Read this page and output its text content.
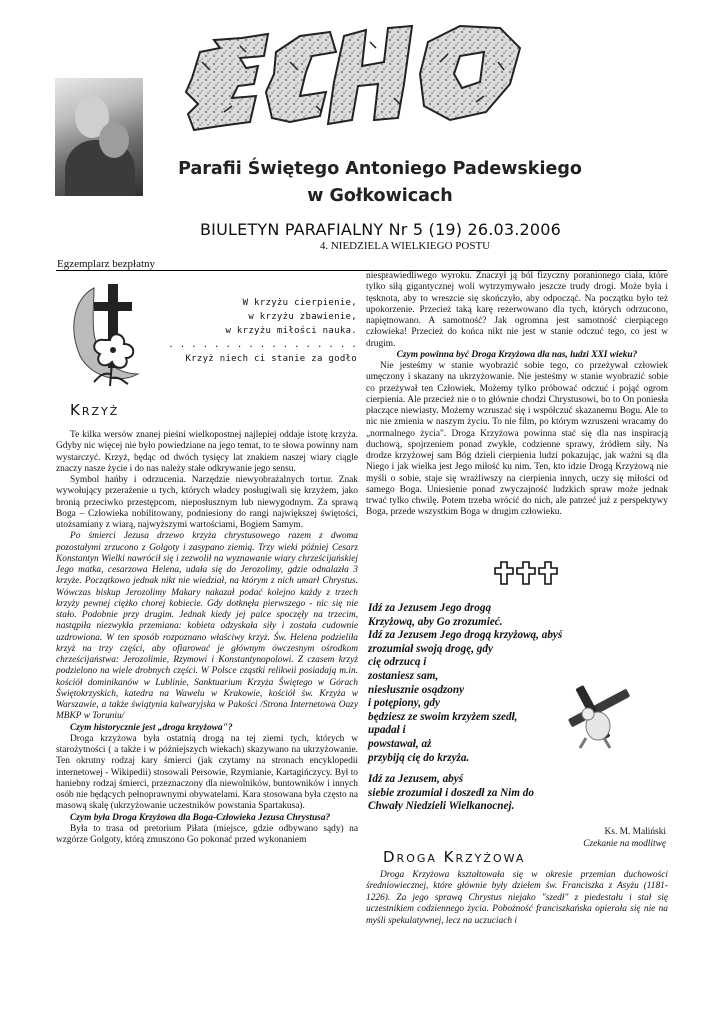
Parafii Świętego Antoniego Padewskiego
w Gołkowicach
BIULETYN PARAFIALNY Nr 5 (19) 26.03.2006
4. NIEDZIELA WIELKIEGO POSTU
Egzemplarz bezpłatny
W krzyżu cierpienie,
w krzyżu zbawienie,
w krzyżu miłości nauka.
. . . . . . . . . . . . . . . . .
Krzyż niech ci stanie za godło
Krzyż

Te kilka wersów znanej pieśni wielkopostnej najlepiej oddaje istotę krzyża. Gdyby nic więcej nie było powiedziane na jego temat, to te słowa powinny nam wystarczyć. Krzyż, będąc od dwóch tysięcy lat znakiem naszej wiary ciągle znaczy nasze życie i do nas należy stałe odkrywanie jego sensu.

Symbol hańby i odrzucenia. Narzędzie niewyobrażalnych tortur. Znak wywołujący przerażenie u tych, których władcy posługiwali się krzyżem, jako bronią przeciwko przestępcom, nieposłusznym lub niewygodnym. Za sprawą Boga – Człowieka nobilitowany, podniesiony do rangi największej świętości, utożsamiany z wiarą, najwyższymi wartościami, Bogiem Samym.

Po śmierci Jezusa drzewo krzyża chrystusowego razem z dwoma pozostałymi zrzucono z Golgoty i zasypano ziemią. Trzy wieki później Cesarz Konstantyn Wielki nawrócił się i zezwolił na wyznawanie wiary chrześcijańskiej Jego matka, cesarzowa Helena, udała się do Jerozolimy, gdzie odnalazła 3 krzyże. Początkowo jednak nikt nie wiedział, na którym z nich umarł Chrystus. Wówczas biskup Jerozolimy Makary nakazał podać kolejno każdy z trzech krzyży pewnej ciężko chorej kobiecie. Gdy dotknęła pierwszego - nic się nie stało. Podobnie przy drugim. Jednak kiedy jej palce spoczęły na trzecim, nastąpiła niezwykła przemiana: kobieta odzyskała siły i została cudownie uzdrowiona. W ten sposób rozpoznano właściwy krzyż. Św. Helena podzieliła krzyż na trzy części, aby ofiarować je głównym ówczesnym ośrodkom chrześcijaństwa: Jerozolimie, Rzymowi i Konstantynopolowi. Z czasem krzyż podzielono na wiele drobnych części. W Polsce cząstki relikwii posiadają m.in. kościół dominikanów w Lublinie, Sanktuarium Krzyża Świętego w Górach Świętokrzyskich, katedra na Wawelu w Krakowie, kościół św. Krzyża w Warszawie, a także świątynia kalwaryjska w Pakości /Strona Internetowa Oazy MBKP w Toruniu/

Czym historycznie jest „droga krzyżowa"?

Droga krzyżowa była ostatnią drogą na tej ziemi tych, których w starożytności ( a także i w późniejszych wiekach) skazywano na ukrzyżowanie. Ten okrutny rodzaj kary śmierci (jak czytamy na stronach encyklopedii internetowej - Wikipedii) stosowali Persowie, Rzymianie, Kartagińczycy. Był to haniebny rodzaj śmierci, przeznaczony dla niewolników, buntowników i innych osób nie będących pełnoprawnymi obywatelami. Kara stosowana była często na masową skalę (ukrzyżowanie uczestników powstania Spartakusa).

Czym była Droga Krzyżowa dla Boga-Człowieka Jezusa Chrystusa?

Była to trasa od pretorium Piłata (miejsce, gdzie odbywano sądy) na wzgórze Golgoty, którą zmuszono Go pokonać przed wykonaniem

niesprawiedliwego wyroku. Znaczył ją ból fizyczny poranionego ciała, które tylko siłą gigantycznej woli wytrzymywało jeszcze trudy drogi. Może była i tęsknota, aby to wreszcie się skończyło, aby odpocząć. Na początku było też upokorzenie. Przecież taką karę rezerwowano dla tych, których odrzucono, napiętnowano. A samotność? Jak ogromna jest samotność cierpiącego człowieka! Przecież do końca nikt nie jest w stanie odczuć tego, co jest w drugim.

Czym powinna być Droga Krzyżowa dla nas, ludzi XXI wieku?

Nie jesteśmy w stanie wyobrazić sobie tego, co przeżywał człowiek umęczony i skazany na ukrzyżowanie. Nie jesteśmy w stanie wyobrazić sobie co przeżywał ten Człowiek. Możemy tylko próbować odczuć i pojąć ogrom cierpienia. Ale przecież nie o to głównie chodzi Chrystusowi, bo to On poniesła płaczące niewiasty. Możemy wzruszać się i współczuć skazanemu Bogu. Ale to nic nie zmienia w naszym życiu. To nie film, po którym wzruszeni wracamy do „normalnego życia". Droga Krzyżowa powinna stać się dla nas inspiracją duchową, spojrzeniem ponad zwykłe, codzienne sprawy, źródłem siły. Na drodze krzyżowej sam Bóg dzieli cierpienia ludzi pokazując, jak ważni są dla Niego i jak wielka jest Jego miłość ku nim. Ten, kto idzie Drogą Krzyżową nie myśli o sobie, staje się wrażliwszy na cierpienia innych, uczy się miłości od samego Boga. Uniesienie ponad zwyczajność ludzkich spraw może jednak trwać tylko chwilę. Potem trzeba wrócić do nich, ale patrzeć już z perspektywy Boga, przede wszystkim Boga w drugim człowieku.

Idź za Jezusem Jego drogą

Krzyżową, aby Go zrozumieć.

Idź za Jezusem Jego drogą krzyżową, abyś

zrozumiał swoją drogę, gdy

cię odrzucą i

zostaniesz sam,

niesłusznie osądzony

i potępiony, gdy

będziesz ze swoim krzyżem szedł,

upadał i

powstawał, aż

przybiją cię do krzyża.

Idź za Jezusem, abyś

siebie zrozumiał i doszedł za Nim do

Chwały Niedzieli Wielkanocnej.

Ks. M. Maliński
Czekanie na modlitwę
Droga Krzyżowa
Droga Krzyżowa kształtowała się w okresie przemian duchowości średniowiecznej, które głównie były dziełem św. Franciszka z Asyżu (1181-1226). Za jego sprawą Chrystus niejako "szedł" z piedestału i stał się uczestnikiem codziennego życia. Pobożność franciszkańska opierała się nie na myśli spekulatywnej, lecz na uczuciach i
